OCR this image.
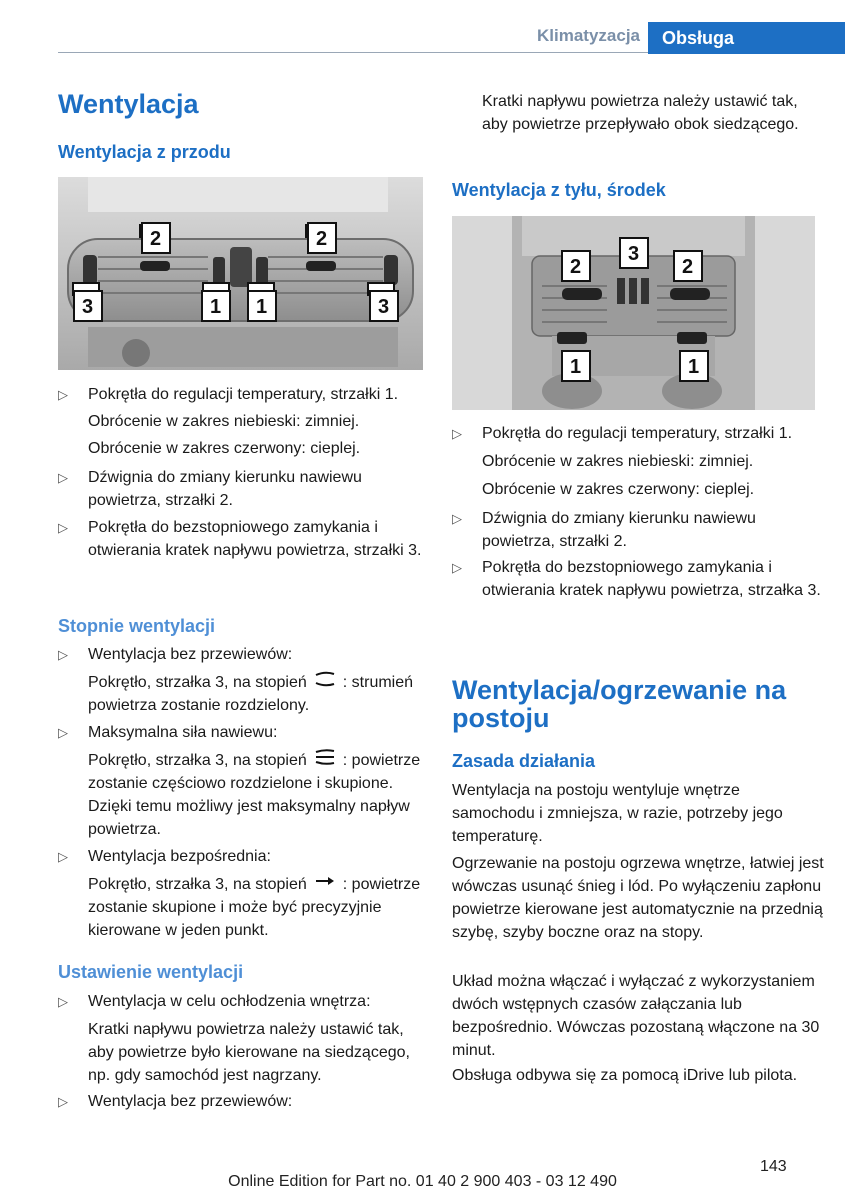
Klimatyzacja	Obsługa
Wentylacja
Wentylacja z przodu
2	2
3	1 1	3
▷ Pokrętła do regulacji temperatury, strzałki 1.
Obrócenie w zakres niebieski: zimniej.
Obrócenie w zakres czerwony: cieplej.
▷ Dźwignia do zmiany kierunku nawiewu powietrza, strzałki 2.
▷ Pokrętła do bezstopniowego zamykania i otwierania kratek napływu powietrza, strzałki 3.
Stopnie wentylacji
▷ Wentylacja bez przewiewów:
Pokrętło, strzałka 3, na stopień : strumień powietrza zostanie rozdzielony.
▷ Maksymalna siła nawiewu:
Pokrętło, strzałka 3, na stopień : powietrze zostanie częściowo rozdzielone i skupione. Dzięki temu możliwy jest maksymalny napływ powietrza.
▷ Wentylacja bezpośrednia:
Pokrętło, strzałka 3, na stopień : powietrze zostanie skupione i może być precyzyjnie kierowane w jeden punkt.
Ustawienie wentylacji
▷ Wentylacja w celu ochłodzenia wnętrza:
Kratki napływu powietrza należy ustawić tak, aby powietrze było kierowane na siedzącego, np. gdy samochód jest nagrzany.
▷ Wentylacja bez przewiewów:
Kratki napływu powietrza należy ustawić tak, aby powietrze przepływało obok siedzącego.
Wentylacja z tyłu, środek
3
2	2
1	1
▷ Pokrętła do regulacji temperatury, strzałki 1.
Obrócenie w zakres niebieski: zimniej.
Obrócenie w zakres czerwony: cieplej.
▷ Dźwignia do zmiany kierunku nawiewu powietrza, strzałki 2.
▷ Pokrętła do bezstopniowego zamykania i otwierania kratek napływu powietrza, strzałka 3.
Wentylacja/ogrzewanie na postoju
Zasada działania

Wentylacja na postoju wentyluje wnętrze samochodu i zmniejsza, w razie, potrzeby jego temperaturę.

Ogrzewanie na postoju ogrzewa wnętrze, łatwiej jest wówczas usunąć śnieg i lód. Po wyłączeniu zapłonu powietrze kierowane jest automatycznie na przednią szybę, szyby boczne oraz na stopy.

Układ można włączać i wyłączać z wykorzystaniem dwóch wstępnych czasów załączania lub bezpośrednio. Wówczas pozostaną włączone na 30 minut.

Obsługa odbywa się za pomocą iDrive lub pilota.

143
Online Edition for Part no. 01 40 2 900 403 - 03 12 490
